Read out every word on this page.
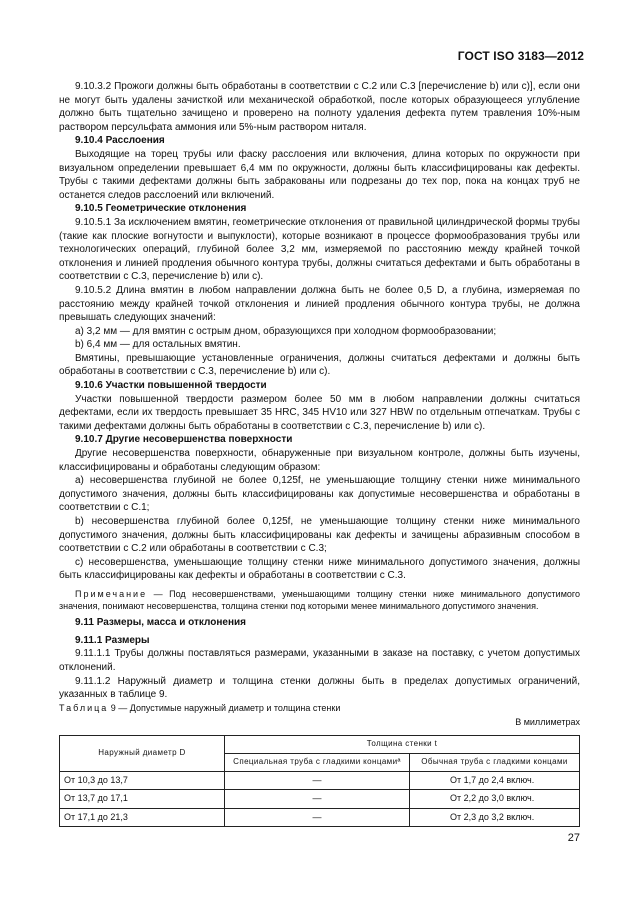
ГОСТ ISO 3183—2012

9.10.3.2 Прожоги должны быть обработаны в соответствии с С.2 или С.3 [перечисление b) или с)], если они не могут быть удалены зачисткой или механической обработкой, после которых образующееся углубление должно быть тщательно зачищено и проверено на полноту удаления дефекта путем травления 10%-ным раствором персульфата аммония или 5%-ным раствором ниталя.

9.10.4 Расслоения

Выходящие на торец трубы или фаску расслоения или включения, длина которых по окружности при визуальном определении превышает 6,4 мм по окружности, должны быть классифицированы как дефекты. Трубы с такими дефектами должны быть забракованы или подрезаны до тех пор, пока на концах труб не останется следов расслоений или включений.

9.10.5 Геометрические отклонения

9.10.5.1 За исключением вмятин, геометрические отклонения от правильной цилиндрической формы трубы (такие как плоские вогнутости и выпуклости), которые возникают в процессе формообразования трубы или технологических операций, глубиной более 3,2 мм, измеряемой по расстоянию между крайней точкой отклонения и линией продления обычного контура трубы, должны считаться дефектами и быть обработаны в соответствии с С.3, перечисление b) или с).

9.10.5.2 Длина вмятин в любом направлении должна быть не более 0,5 D, а глубина, измеряемая по расстоянию между крайней точкой отклонения и линией продления обычного контура трубы, не должна превышать следующих значений:

а) 3,2 мм — для вмятин с острым дном, образующихся при холодном формообразовании;

b) 6,4 мм — для остальных вмятин.

Вмятины, превышающие установленные ограничения, должны считаться дефектами и должны быть обработаны в соответствии с С.3, перечисление b) или с).

9.10.6 Участки повышенной твердости

Участки повышенной твердости размером более 50 мм в любом направлении должны считаться дефектами, если их твердость превышает 35 HRC, 345 HV10 или 327 HBW по отдельным отпечаткам. Трубы с такими дефектами должны быть обработаны в соответствии с С.3, перечисление b) или с).

9.10.7 Другие несовершенства поверхности

Другие несовершенства поверхности, обнаруженные при визуальном контроле, должны быть изучены, классифицированы и обработаны следующим образом:

а) несовершенства глубиной не более 0,125f, не уменьшающие толщину стенки ниже минимального допустимого значения, должны быть классифицированы как допустимые несовершенства и обработаны в соответствии с С.1;

b) несовершенства глубиной более 0,125f, не уменьшающие толщину стенки ниже минимального допустимого значения, должны быть классифицированы как дефекты и зачищены абразивным способом в соответствии с С.2 или обработаны в соответствии с С.3;

с) несовершенства, уменьшающие толщину стенки ниже минимального допустимого значения, должны быть классифицированы как дефекты и обработаны в соответствии с С.3.

Примечание — Под несовершенствами, уменьшающими толщину стенки ниже минимального допустимого значения, понимают несовершенства, толщина стенки под которыми менее минимального допустимого значения.
9.11 Размеры, масса и отклонения
9.11.1 Размеры

9.11.1.1 Трубы должны поставляться размерами, указанными в заказе на поставку, с учетом допустимых отклонений.

9.11.1.2 Наружный диаметр и толщина стенки должны быть в пределах допустимых ограничений, указанных в таблице 9.

Таблица 9 — Допустимые наружный диаметр и толщина стенки

В миллиметрах
Наружный диаметр D	Толщина стенки t	
	Специальная труба с гладкими концамиª	Обычная труба с гладкими концами
От 10,3 до 13,7	—	От 1,7 до 2,4 включ.
От 13,7 до 17,1	—	От 2,2 до 3,0 включ.
От 17,1 до 21,3	—	От 2,3 до 3,2 включ.
27
